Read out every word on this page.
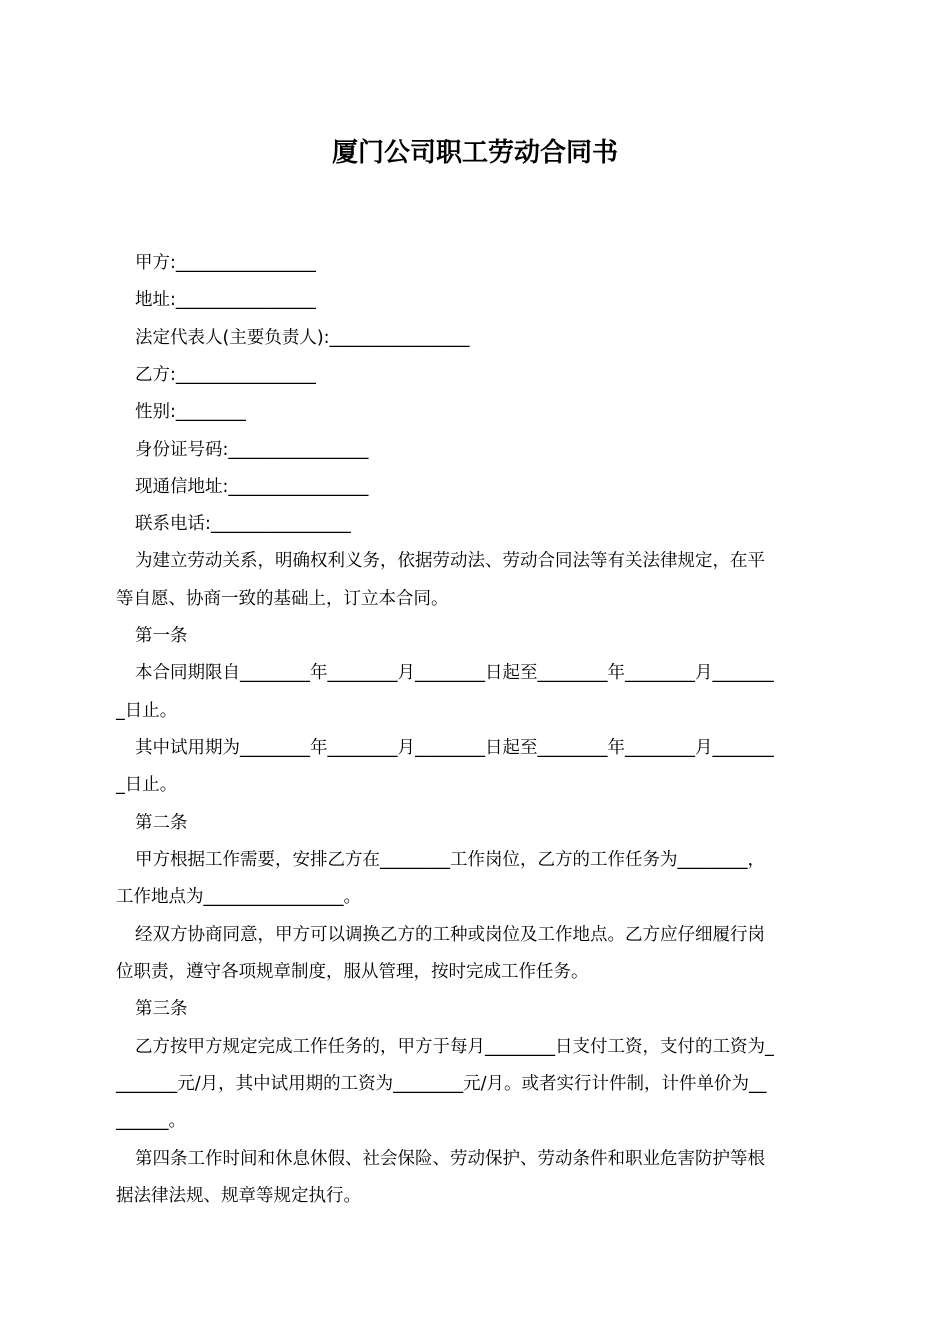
厦门公司职工劳动合同书
甲方:________________
地址:________________
法定代表人(主要负责人):________________
乙方:________________
性别:________
身份证号码:________________
现通信地址:________________
联系电话:________________
为建立劳动关系，明确权利义务，依据劳动法、劳动合同法等有关法律规定，在平
等自愿、协商一致的基础上，订立本合同。
第一条
本合同期限自________年________月________日起至________年________月_______
_日止。
其中试用期为________年________月________日起至________年________月_______
_日止。
第二条
甲方根据工作需要，安排乙方在________工作岗位，乙方的工作任务为________，
工作地点为________________。
经双方协商同意，甲方可以调换乙方的工种或岗位及工作地点。乙方应仔细履行岗
位职责，遵守各项规章制度，服从管理，按时完成工作任务。
第三条
乙方按甲方规定完成工作任务的，甲方于每月________日支付工资，支付的工资为_
_______元/月，其中试用期的工资为________元/月。或者实行计件制，计件单价为__
______。
第四条工作时间和休息休假、社会保险、劳动保护、劳动条件和职业危害防护等根
据法律法规、规章等规定执行。
